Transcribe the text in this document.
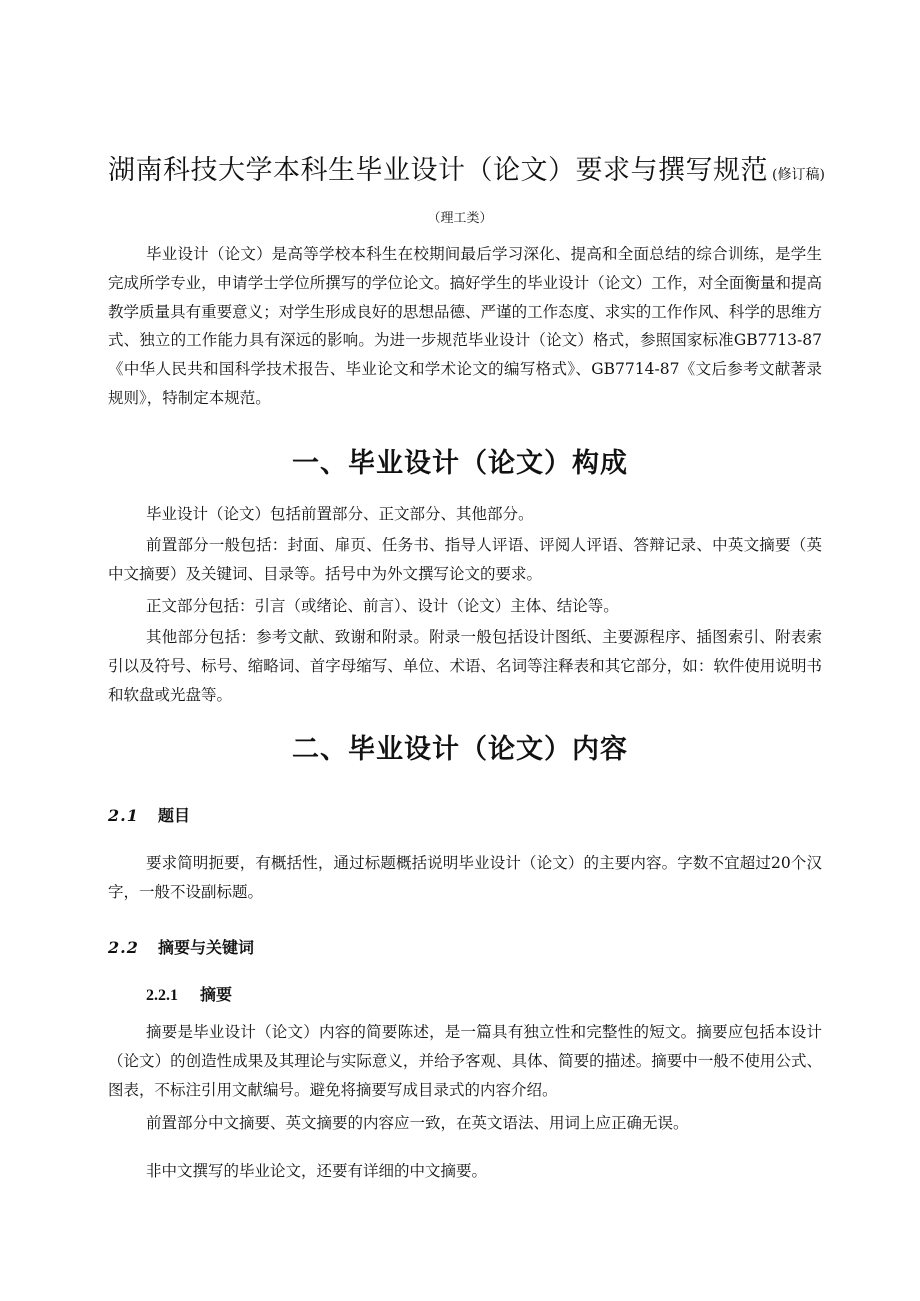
湖南科技大学本科生毕业设计（论文）要求与撰写规范 (修订稿)
（理工类）

毕业设计（论文）是高等学校本科生在校期间最后学习深化、提高和全面总结的综合训练，是学生完成所学专业，申请学士学位所撰写的学位论文。搞好学生的毕业设计（论文）工作，对全面衡量和提高教学质量具有重要意义；对学生形成良好的思想品德、严谨的工作态度、求实的工作作风、科学的思维方式、独立的工作能力具有深远的影响。为进一步规范毕业设计（论文）格式，参照国家标准GB7713-87《中华人民共和国科学技术报告、毕业论文和学术论文的编写格式》、GB7714-87《文后参考文献著录规则》，特制定本规范。

一、毕业设计（论文）构成

毕业设计（论文）包括前置部分、正文部分、其他部分。

前置部分一般包括：封面、扉页、任务书、指导人评语、评阅人评语、答辩记录、中英文摘要（英中文摘要）及关键词、目录等。括号中为外文撰写论文的要求。

正文部分包括：引言（或绪论、前言）、设计（论文）主体、结论等。

其他部分包括：参考文献、致谢和附录。附录一般包括设计图纸、主要源程序、插图索引、附表索引以及符号、标号、缩略词、首字母缩写、单位、术语、名词等注释表和其它部分，如：软件使用说明书和软盘或光盘等。

二、毕业设计（论文）内容
2.1 题目

要求简明扼要，有概括性，通过标题概括说明毕业设计（论文）的主要内容。字数不宜超过20个汉字，一般不设副标题。

2.2 摘要与关键词
2.2.1 摘要

摘要是毕业设计（论文）内容的简要陈述，是一篇具有独立性和完整性的短文。摘要应包括本设计（论文）的创造性成果及其理论与实际意义，并给予客观、具体、简要的描述。摘要中一般不使用公式、图表，不标注引用文献编号。避免将摘要写成目录式的内容介绍。

前置部分中文摘要、英文摘要的内容应一致，在英文语法、用词上应正确无误。

非中文撰写的毕业论文，还要有详细的中文摘要。
